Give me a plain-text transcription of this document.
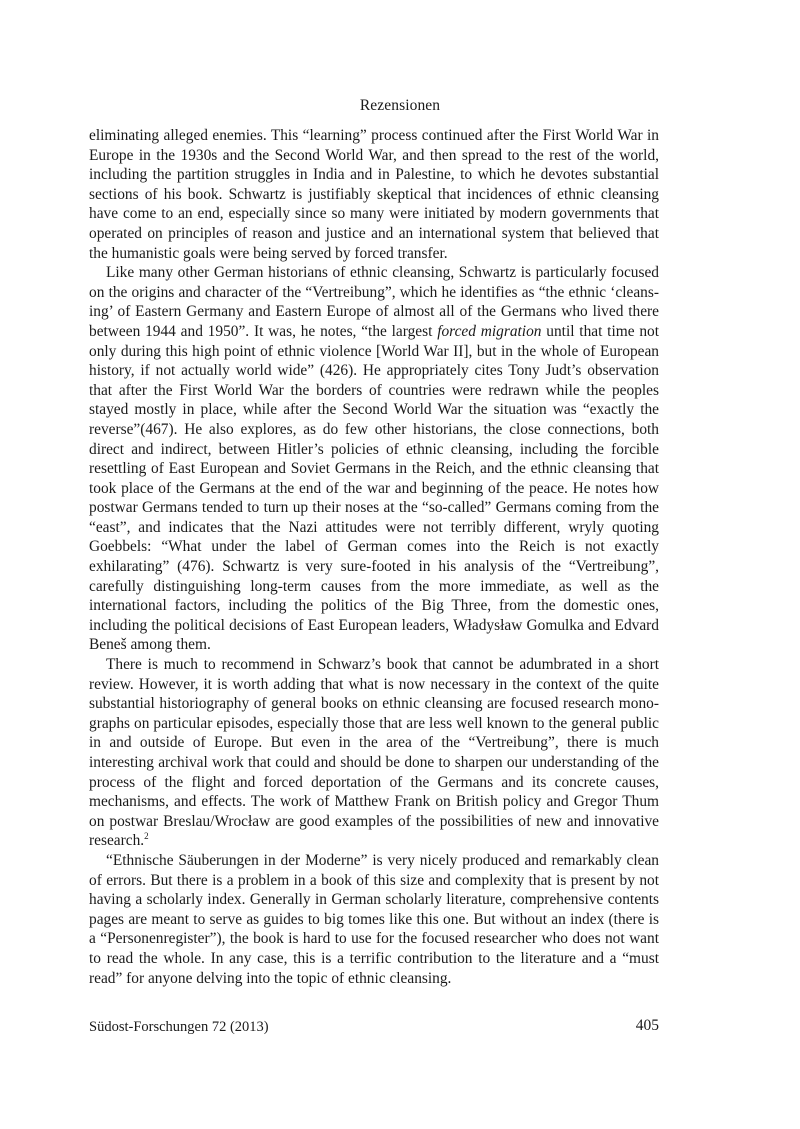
Rezensionen

eliminating alleged enemies. This “learning” process continued after the First World War in Europe in the 1930s and the Second World War, and then spread to the rest of the world, including the partition struggles in India and in Palestine, to which he devotes substantial sections of his book. Schwartz is justifiably skeptical that incidences of ethnic cleansing have come to an end, especially since so many were initiated by modern governments that operated on principles of reason and justice and an international system that believed that the humanistic goals were being served by forced transfer.

Like many other German historians of ethnic cleansing, Schwartz is particularly focused on the origins and character of the “Vertreibung”, which he identifies as “the ethnic ‘cleans-ing’ of Eastern Germany and Eastern Europe of almost all of the Germans who lived there between 1944 and 1950”. It was, he notes, “the largest forced migration until that time not only during this high point of ethnic violence [World War II], but in the whole of European history, if not actually world wide” (426). He appropriately cites Tony Judt’s observation that after the First World War the borders of countries were redrawn while the peoples stayed mostly in place, while after the Second World War the situation was “exactly the reverse”(467). He also explores, as do few other historians, the close connections, both direct and indirect, between Hitler’s policies of ethnic cleansing, including the forcible resettling of East European and Soviet Germans in the Reich, and the ethnic cleansing that took place of the Germans at the end of the war and beginning of the peace. He notes how postwar Germans tended to turn up their noses at the “so-called” Germans coming from the “east”, and indicates that the Nazi attitudes were not terribly different, wryly quoting Goebbels: “What under the label of German comes into the Reich is not exactly exhilarating” (476). Schwartz is very sure-footed in his analysis of the “Vertreibung”, carefully distinguishing long-term causes from the more immediate, as well as the international factors, including the politics of the Big Three, from the domestic ones, including the political decisions of East European leaders, Władysław Gomulka and Edvard Beneš among them.

There is much to recommend in Schwarz’s book that cannot be adumbrated in a short review. However, it is worth adding that what is now necessary in the context of the quite substantial historiography of general books on ethnic cleansing are focused research mono-graphs on particular episodes, especially those that are less well known to the general public in and outside of Europe. But even in the area of the “Vertreibung”, there is much interesting archival work that could and should be done to sharpen our understanding of the process of the flight and forced deportation of the Germans and its concrete causes, mechanisms, and effects. The work of Matthew Frank on British policy and Gregor Thum on postwar Breslau/Wrocław are good examples of the possibilities of new and innovative research.$^2$

“Ethnische Säuberungen in der Moderne” is very nicely produced and remarkably clean of errors. But there is a problem in a book of this size and complexity that is present by not having a scholarly index. Generally in German scholarly literature, comprehensive contents pages are meant to serve as guides to big tomes like this one. But without an index (there is a “Personenregister”), the book is hard to use for the focused researcher who does not want to read the whole. In any case, this is a terrific contribution to the literature and a “must read” for anyone delving into the topic of ethnic cleansing.

Südost-Forschungen 72 (2013)	405
